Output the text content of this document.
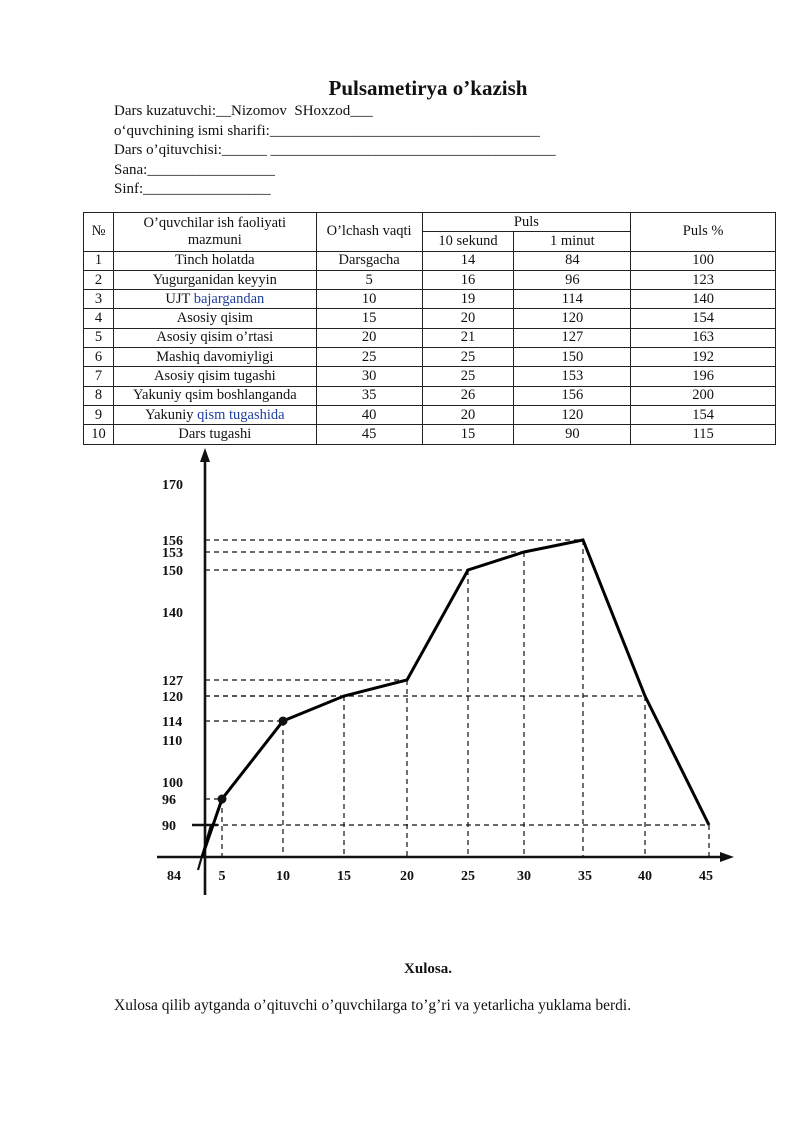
Pulsametirya o’kazish
Dars kuzatuvchi:__Nizomov  SHoxzod___
o‘quvchining ismi sharifi:____________________________________
Dars o’qituvchisi:______ ______________________________________
Sana:_________________
Sinf:_________________
№	O’quvchilar ish faoliyati mazmuni	O’lchash vaqti	Puls		Puls %
			10 sekund	1 minut	
1	Tinch holatda	Darsgacha	14	84	100
2	Yugurganidan keyyin	5	16	96	123
3	UJT bajargandan	10	19	114	140
4	Asosiy qisim	15	20	120	154
5	Asosiy qisim o’rtasi	20	21	127	163
6	Mashiq davomiyligi	25	25	150	192
7	Asosiy qisim tugashi	30	25	153	196
8	Yakuniy qsim boshlanganda	35	26	156	200
9	Yakuniy qism tugashida	40	20	120	154
10	Dars tugashi	45	15	90	115
170
156
153
150
140
127
120
114
110
100
96
90
84	5	10	15	20	25	30	35	40	45
Xulosa.
Xulosa qilib aytganda o’qituvchi o’quvchilarga to’g’ri va yetarlicha yuklama berdi.
